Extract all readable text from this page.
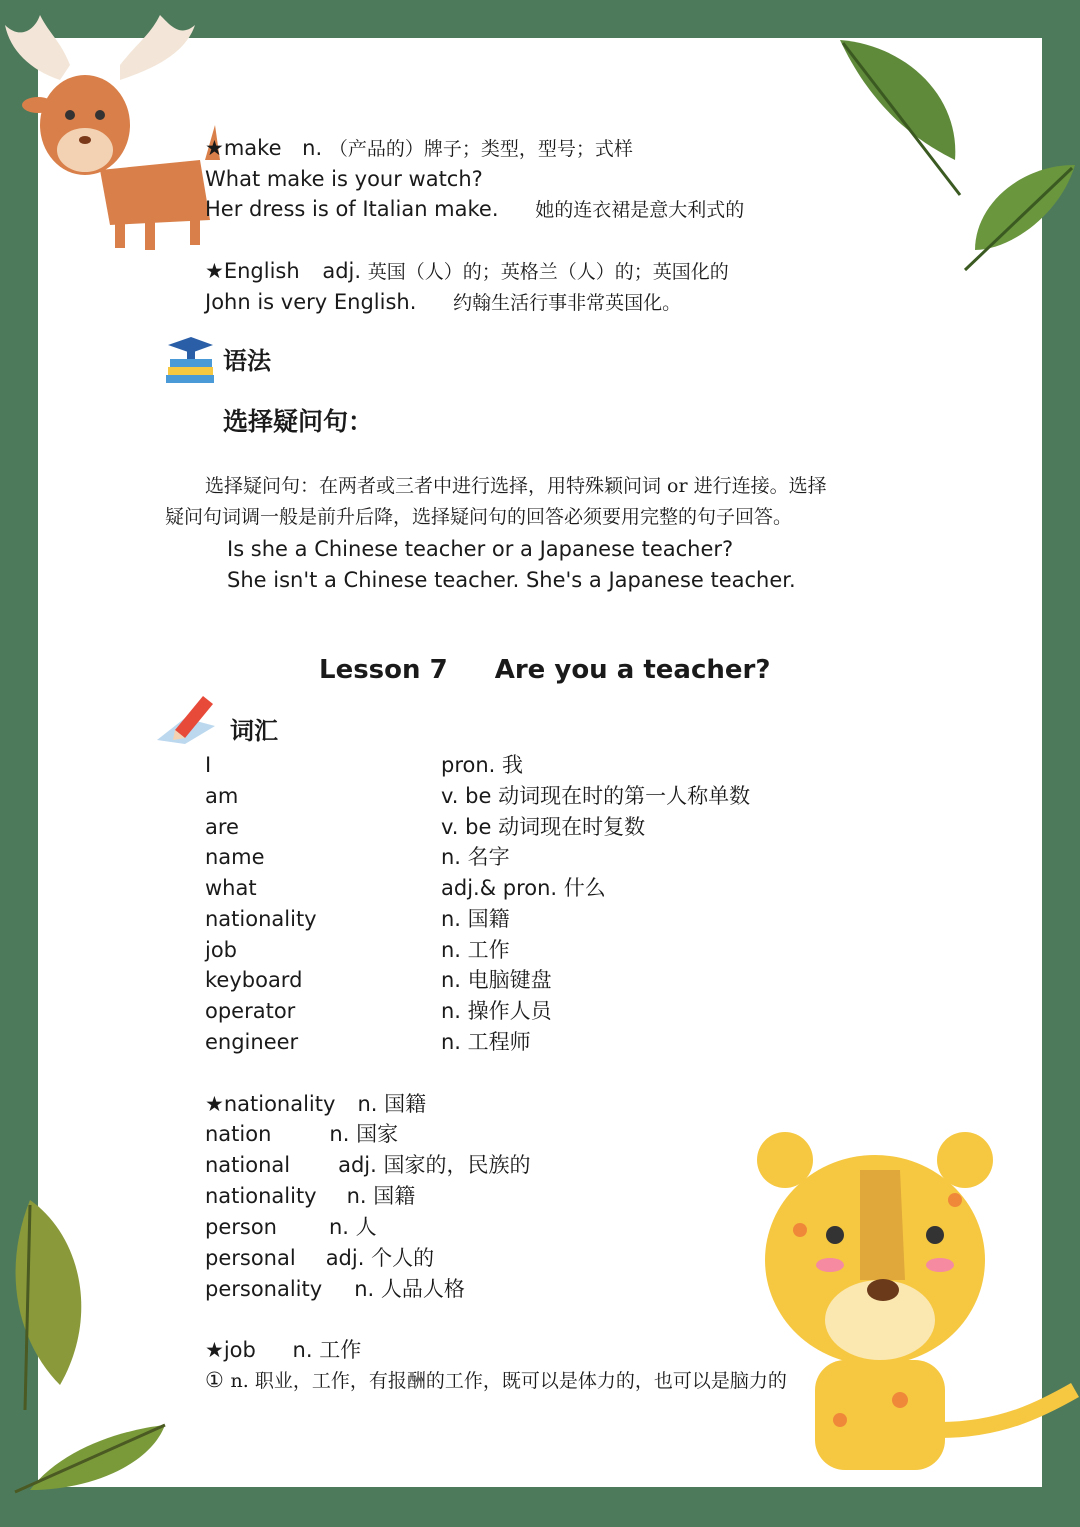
★make n. （产品的）牌子；类型，型号；式样
What make is your watch?
Her dress is of Italian make. 她的连衣裙是意大利式的
★English adj. 英国（人）的；英格兰（人）的；英国化的
John is very English. 约翰生活行事非常英国化。
语法
选择疑问句：
选择疑问句：在两者或三者中进行选择，用特殊颖问词 or 进行连接。选择
疑问句词调一般是前升后降，选择疑问句的回答必须要用完整的句子回答。
Is she a Chinese teacher or a Japanese teacher?
She isn't a Chinese teacher. She's a Japanese teacher.
Lesson 7 Are you a teacher?
词汇
I	pron. 我
am	v. be 动词现在时的第一人称单数
are	v. be 动词现在时复数
name	n. 名字
what	adj.& pron. 什么
nationality	n. 国籍
job	n. 工作
keyboard	n. 电脑键盘
operator	n. 操作人员
engineer	n. 工程师
★nationality n. 国籍
nation	n. 国家
national adj. 国家的，民族的
nationality n. 国籍
person n. 人
personal adj. 个人的
personality n. 人品人格
★job n. 工作
① n. 职业，工作，有报酬的工作，既可以是体力的，也可以是脑力的
